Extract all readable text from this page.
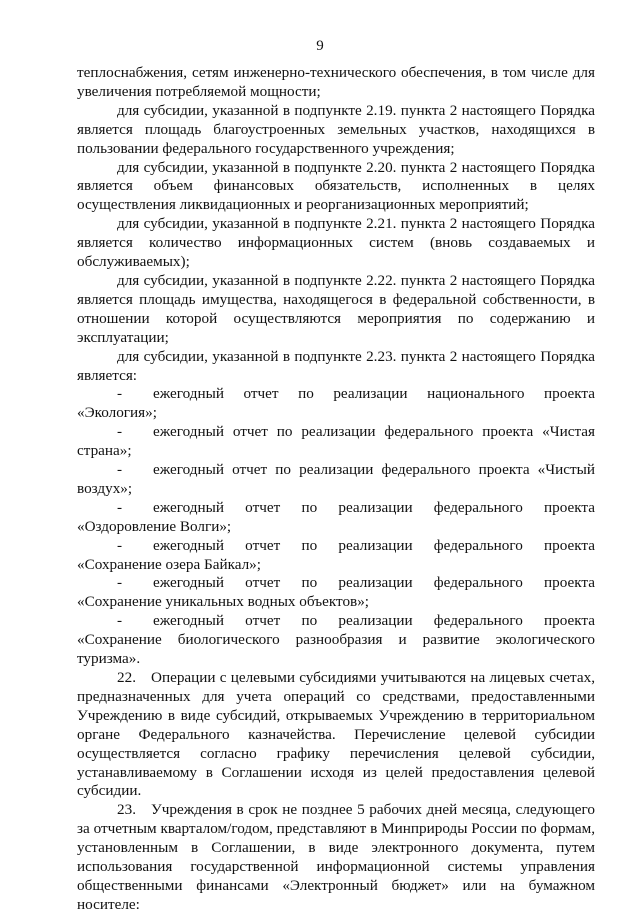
9

теплоснабжения, сетям инженерно-технического обеспечения, в том числе для увеличения потребляемой мощности;

для субсидии, указанной в подпункте 2.19. пункта 2 настоящего Порядка является площадь благоустроенных земельных участков, находящихся в пользовании федерального государственного учреждения;

для субсидии, указанной в подпункте 2.20. пункта 2 настоящего Порядка является объем финансовых обязательств, исполненных в целях осуществления ликвидационных и реорганизационных мероприятий;

для субсидии, указанной в подпункте 2.21. пункта 2 настоящего Порядка является количество информационных систем (вновь создаваемых и обслуживаемых);

для субсидии, указанной в подпункте 2.22. пункта 2 настоящего Порядка является площадь имущества, находящегося в федеральной собственности, в отношении которой осуществляются мероприятия по содержанию и эксплуатации;

для субсидии, указанной в подпункте 2.23. пункта 2 настоящего Порядка является:

- ежегодный отчет по реализации национального проекта «Экология»;

- ежегодный отчет по реализации федерального проекта «Чистая страна»;

- ежегодный отчет по реализации федерального проекта «Чистый воздух»;

- ежегодный отчет по реализации федерального проекта «Оздоровление Волги»;

- ежегодный отчет по реализации федерального проекта «Сохранение озера Байкал»;

- ежегодный отчет по реализации федерального проекта «Сохранение уникальных водных объектов»;

- ежегодный отчет по реализации федерального проекта «Сохранение биологического разнообразия и развитие экологического туризма».

22. Операции с целевыми субсидиями учитываются на лицевых счетах, предназначенных для учета операций со средствами, предоставленными Учреждению в виде субсидий, открываемых Учреждению в территориальном органе Федерального казначейства. Перечисление целевой субсидии осуществляется согласно графику перечисления целевой субсидии, устанавливаемому в Соглашении исходя из целей предоставления целевой субсидии.

23. Учреждения в срок не позднее 5 рабочих дней месяца, следующего за отчетным кварталом/годом, представляют в Минприроды России по формам, установленным в Соглашении, в виде электронного документа, путем использования государственной информационной системы управления общественными финансами «Электронный бюджет» или на бумажном носителе:
